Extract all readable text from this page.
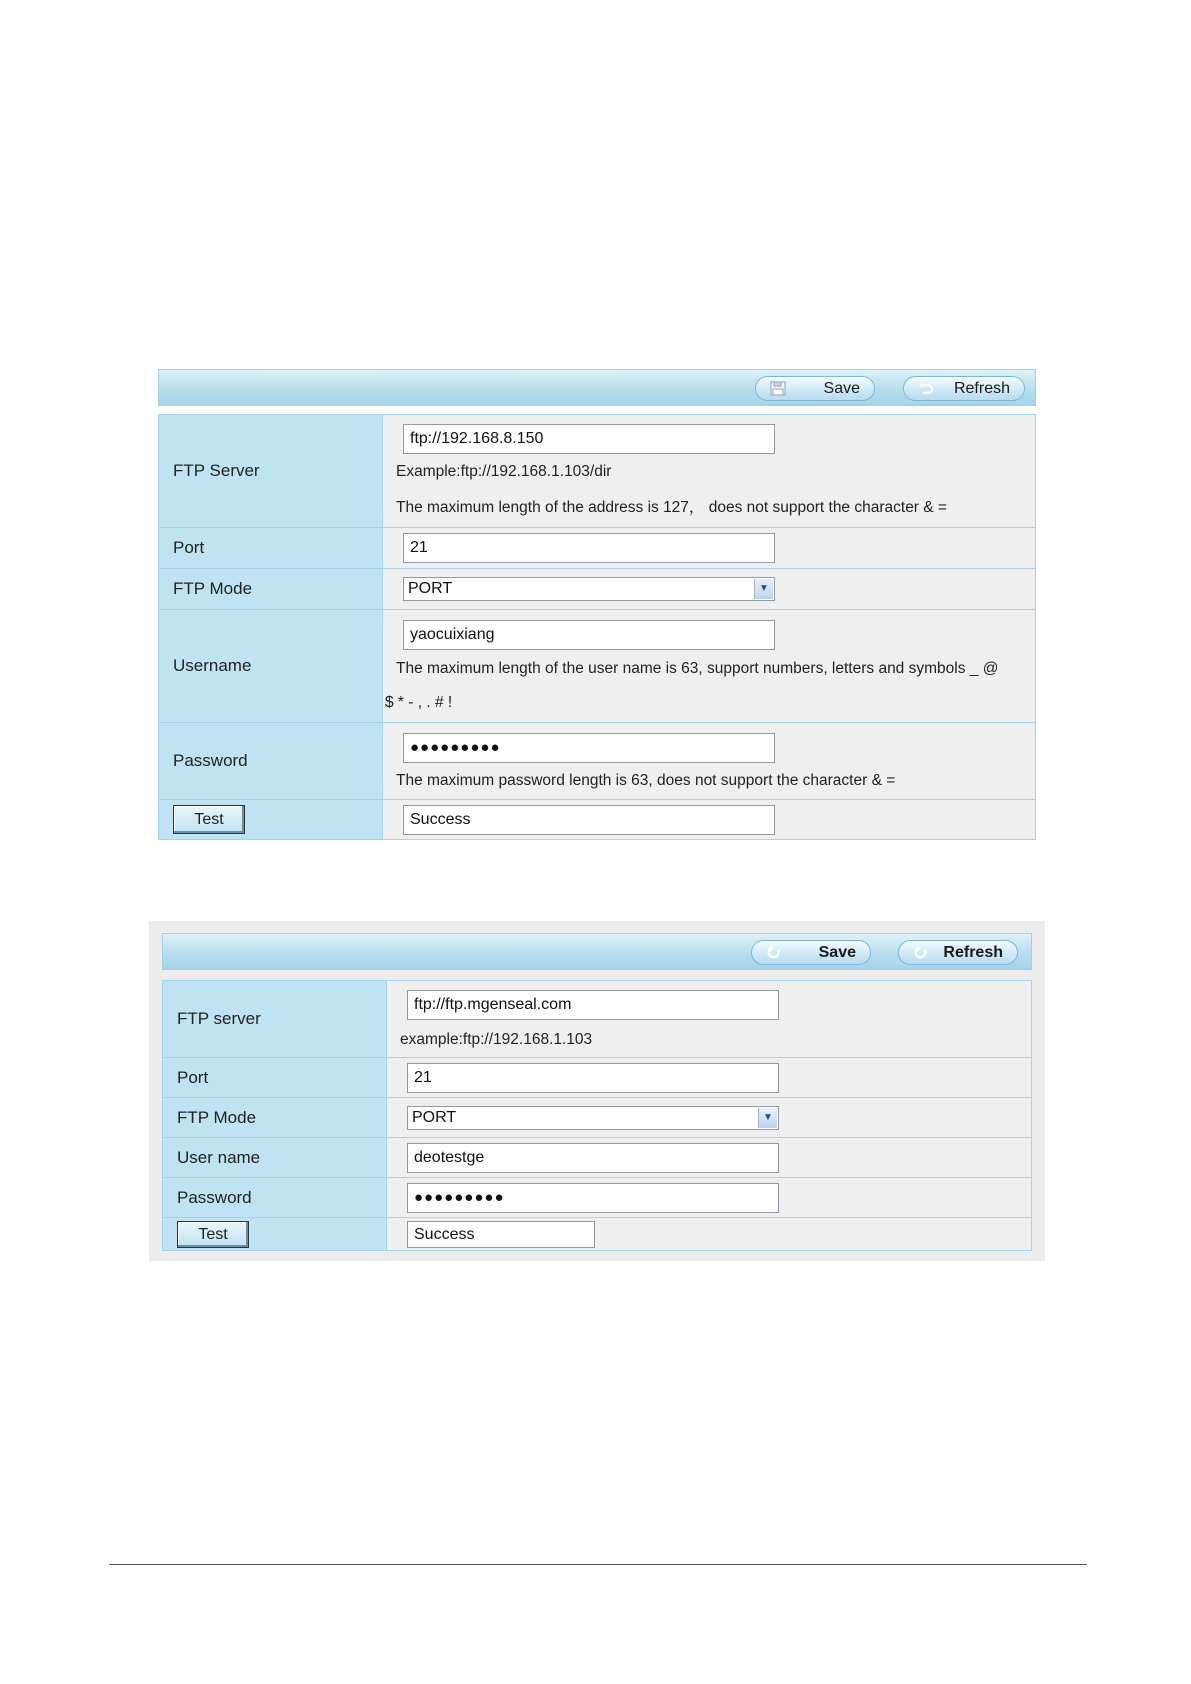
Save	Refresh
FTP Server	ftp://192.168.8.150
Example:ftp://192.168.1.103/dir
The maximum length of the address is 127， does not support the character & =

Port	21

FTP Mode	PORT ▼

Username	yaocuixiang
The maximum length of the user name is 63, support numbers, letters and symbols _ @
$ * - , . # !

Password	●●●●●●●●●
The maximum password length is 63, does not support the character & =

Test	Success
Save	Refresh
FTP server	ftp://ftp.mgenseal.com
example:ftp://192.168.1.103

Port	21

FTP Mode	PORT ▼

User name	deotestge

Password	●●●●●●●●●

Test	Success
